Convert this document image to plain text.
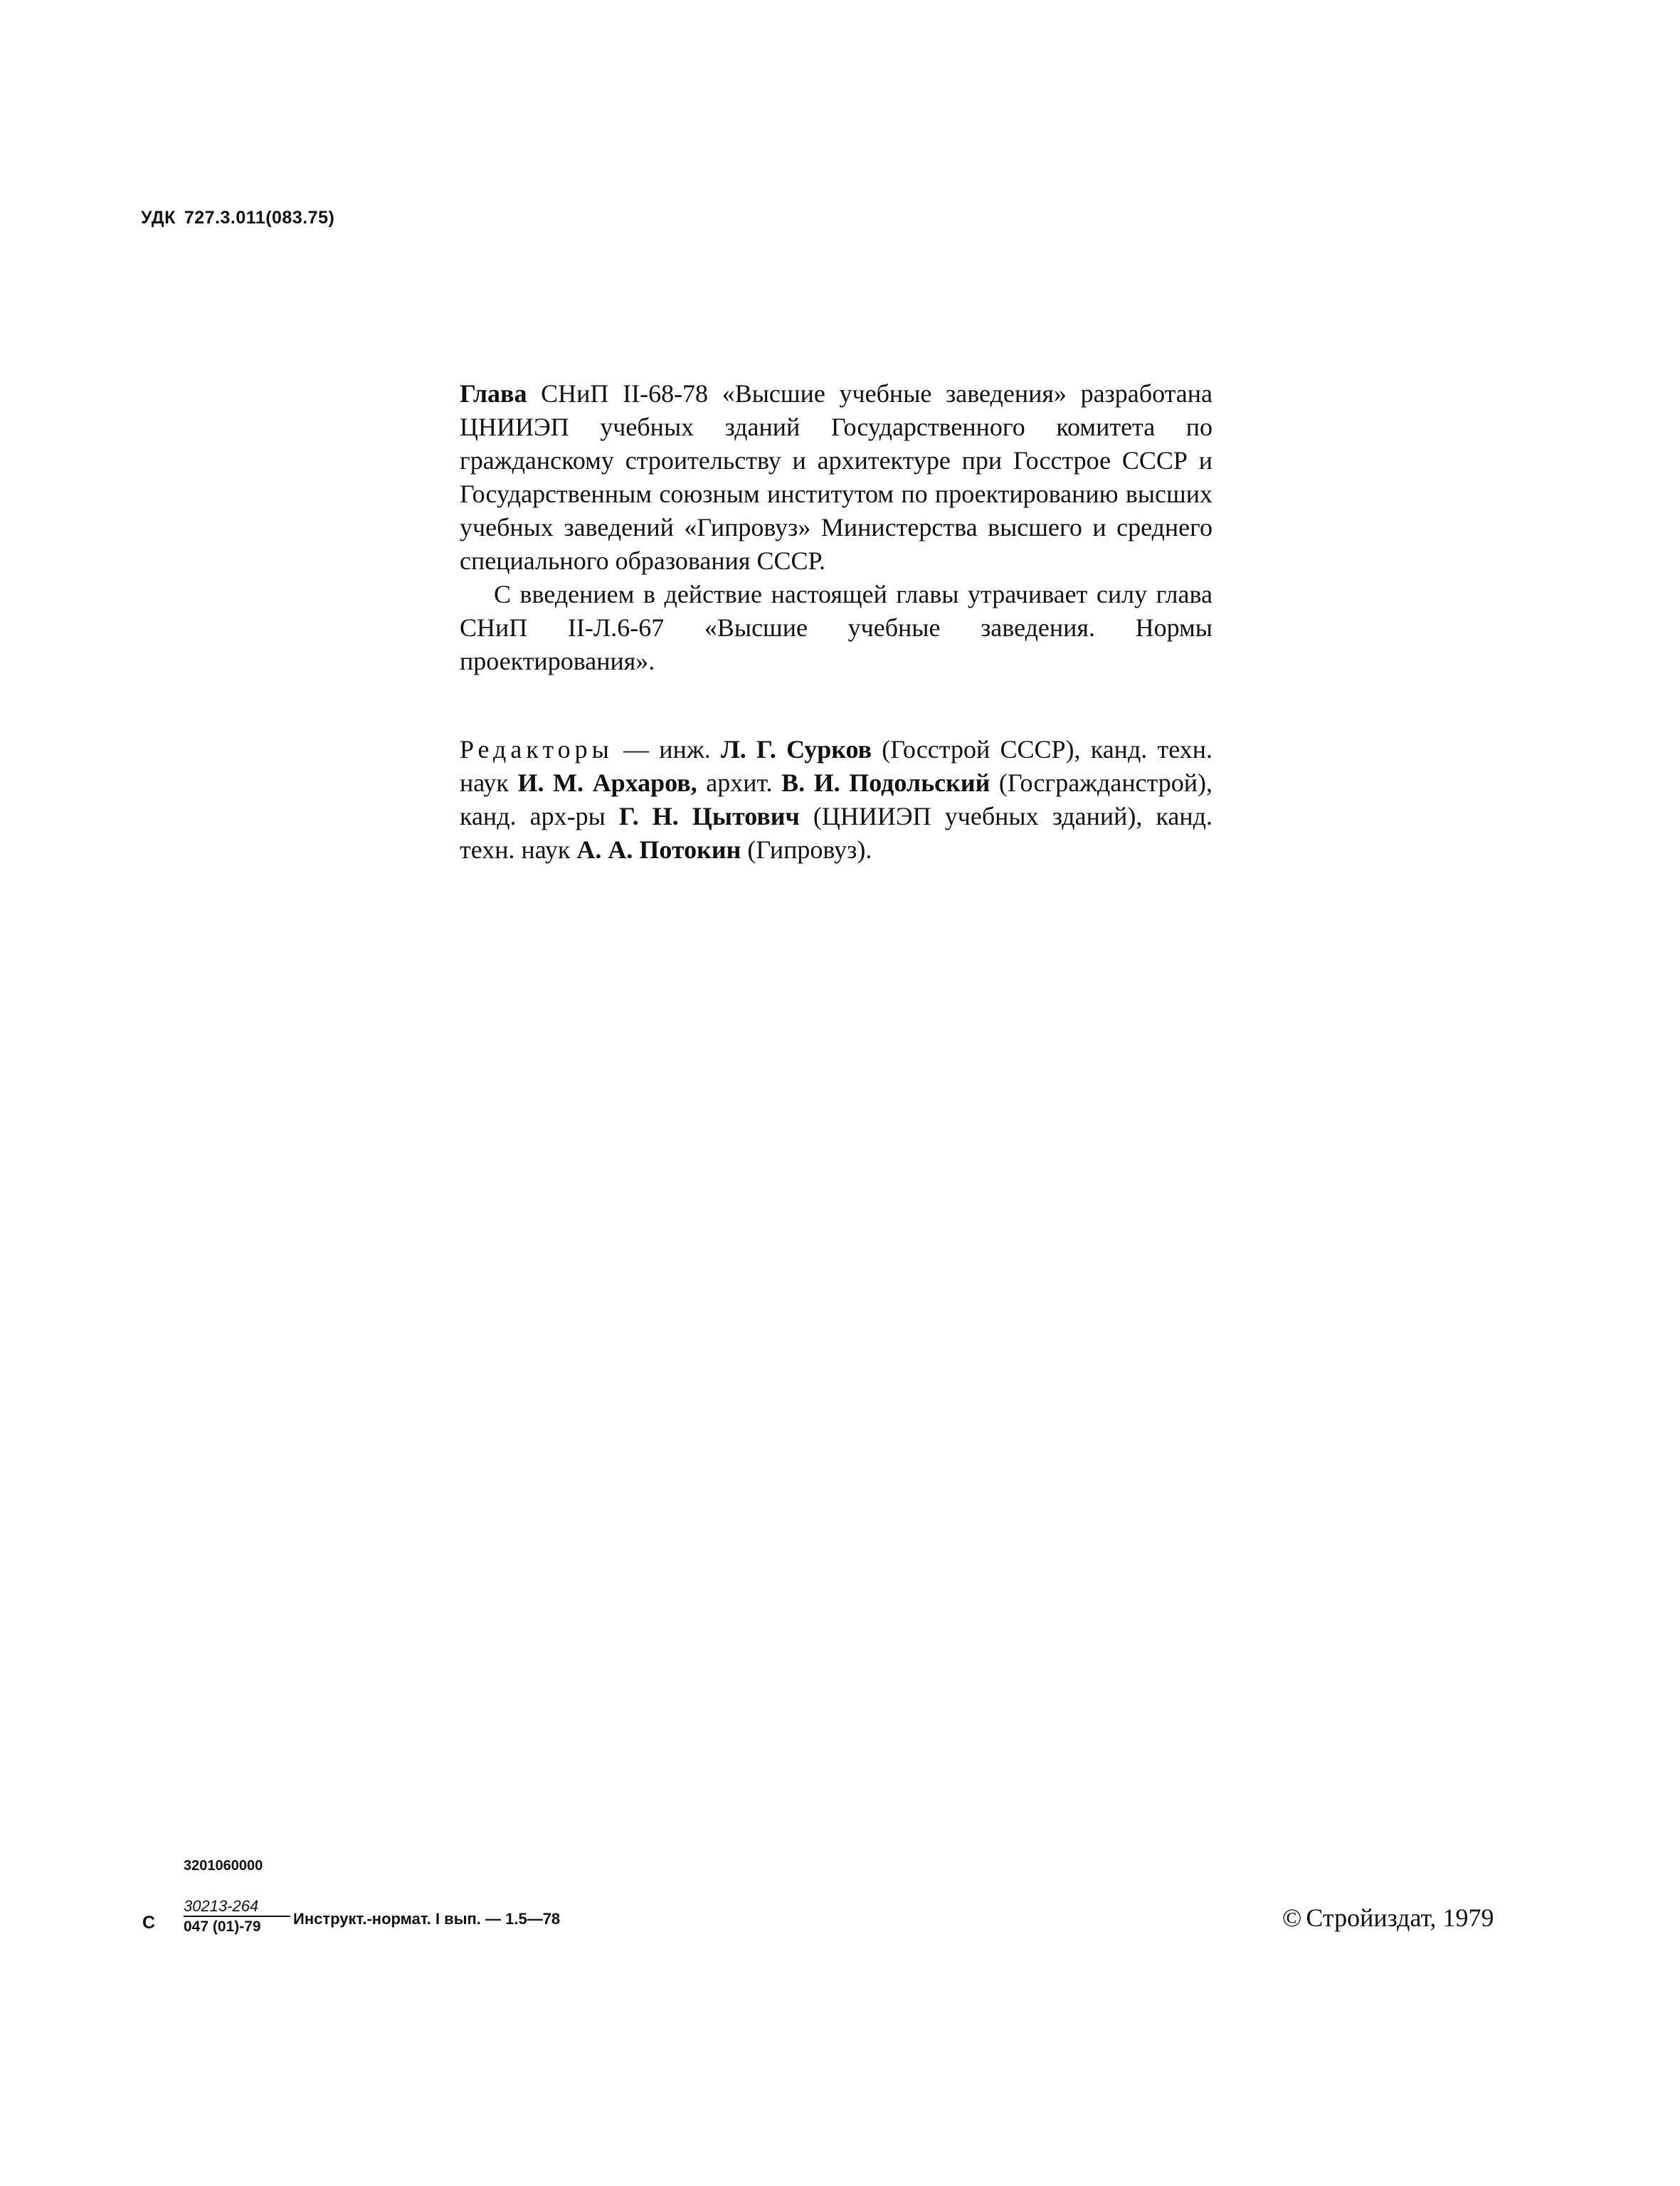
УДК 727.3.011(083.75)

Глава СНиП II-68-78 «Высшие учебные заведения» разработана ЦНИИЭП учебных зданий Государственного комитета по гражданскому строительству и архитектуре при Госстрое СССР и Государственным союзным институтом по проектированию высших учебных заведений «Гипровуз» Министерства высшего и среднего специального образования СССР.

С введением в действие настоящей главы утрачивает силу глава СНиП II-Л.6-67 «Высшие учебные заведения. Нормы проектирования».

Редакторы — инж. Л. Г. Сурков (Госстрой СССР), канд. техн. наук И. М. Архаров, архит. В. И. Подольский (Госгражданстрой), канд. арх-ры Г. Н. Цытович (ЦНИИЭП учебных зданий), канд. техн. наук А. А. Потокин (Гипровуз).

3201060000
С
30213-264
047 (01)-79	Инструкт.-нормат. I вып. — 1.5—78	© Стройиздат, 1979
